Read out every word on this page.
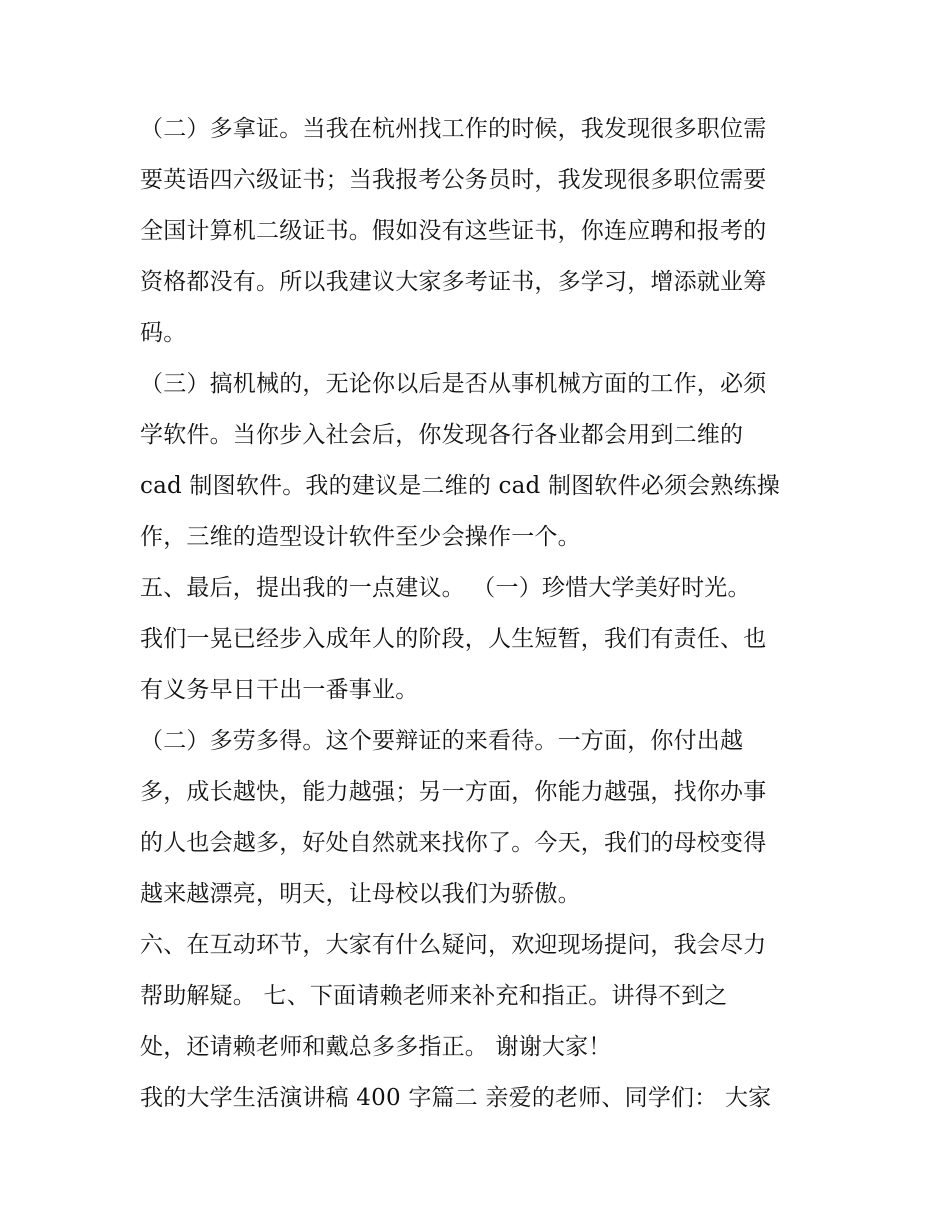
（二）多拿证。当我在杭州找工作的时候，我发现很多职位需
要英语四六级证书；当我报考公务员时，我发现很多职位需要
全国计算机二级证书。假如没有这些证书，你连应聘和报考的
资格都没有。所以我建议大家多考证书，多学习，增添就业筹
码。
（三）搞机械的，无论你以后是否从事机械方面的工作，必须
学软件。当你步入社会后，你发现各行各业都会用到二维的
cad 制图软件。我的建议是二维的 cad 制图软件必须会熟练操
作，三维的造型设计软件至少会操作一个。
五、最后，提出我的一点建议。 （一）珍惜大学美好时光。
我们一晃已经步入成年人的阶段，人生短暂，我们有责任、也
有义务早日干出一番事业。
（二）多劳多得。这个要辩证的来看待。一方面，你付出越
多，成长越快，能力越强；另一方面，你能力越强，找你办事
的人也会越多，好处自然就来找你了。今天，我们的母校变得
越来越漂亮，明天，让母校以我们为骄傲。
六、在互动环节，大家有什么疑问，欢迎现场提问，我会尽力
帮助解疑。 七、下面请赖老师来补充和指正。讲得不到之
处，还请赖老师和戴总多多指正。 谢谢大家！
我的大学生活演讲稿 400 字篇二 亲爱的老师、同学们： 大家
